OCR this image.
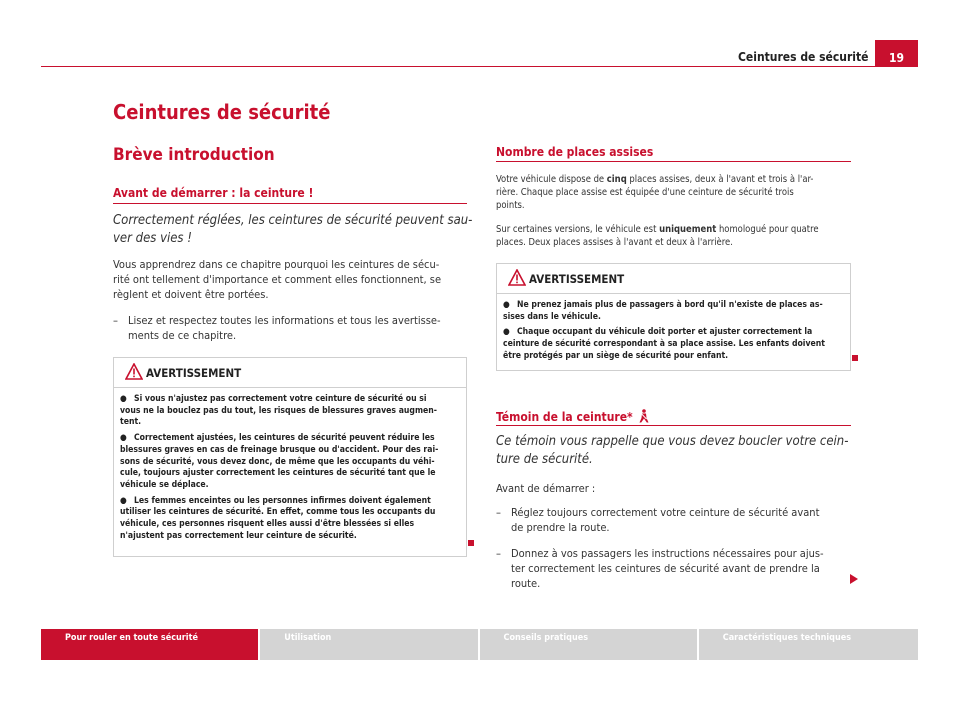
Ceintures de sécurité	19
Ceintures de sécurité
Brève introduction
Avant de démarrer : la ceinture !

Correctement réglées, les ceintures de sécurité peuvent sau-

ver des vies !

Vous apprendrez dans ce chapitre pourquoi les ceintures de sécu-

rité ont tellement d'importance et comment elles fonctionnent, se

règlent et doivent être portées.

– Lisez et respectez toutes les informations et tous les avertisse-
ments de ce chapitre.
AVERTISSEMENT
● Si vous n'ajustez pas correctement votre ceinture de sécurité ou si
vous ne la bouclez pas du tout, les risques de blessures graves augmen-
tent.
● Correctement ajustées, les ceintures de sécurité peuvent réduire les
blessures graves en cas de freinage brusque ou d'accident. Pour des rai-
sons de sécurité, vous devez donc, de même que les occupants du véhi-
cule, toujours ajuster correctement les ceintures de sécurité tant que le
véhicule se déplace.
● Les femmes enceintes ou les personnes infirmes doivent également
utiliser les ceintures de sécurité. En effet, comme tous les occupants du
véhicule, ces personnes risquent elles aussi d'être blessées si elles
n'ajustent pas correctement leur ceinture de sécurité.
Nombre de places assises

Votre véhicule dispose de cinq places assises, deux à l'avant et trois à l'ar-

rière. Chaque place assise est équipée d'une ceinture de sécurité trois

points.

Sur certaines versions, le véhicule est uniquement homologué pour quatre

places. Deux places assises à l'avant et deux à l'arrière.

AVERTISSEMENT
● Ne prenez jamais plus de passagers à bord qu'il n'existe de places as-
sises dans le véhicule.
● Chaque occupant du véhicule doit porter et ajuster correctement la
ceinture de sécurité correspondant à sa place assise. Les enfants doivent
être protégés par un siège de sécurité pour enfant.
Témoin de la ceinture*

Ce témoin vous rappelle que vous devez boucler votre cein-

ture de sécurité.

Avant de démarrer :

– Réglez toujours correctement votre ceinture de sécurité avant
de prendre la route.
– Donnez à vos passagers les instructions nécessaires pour ajus-
ter correctement les ceintures de sécurité avant de prendre la
route.
Pour rouler en toute sécurité	Utilisation	Conseils pratiques	Caractéristiques techniques
